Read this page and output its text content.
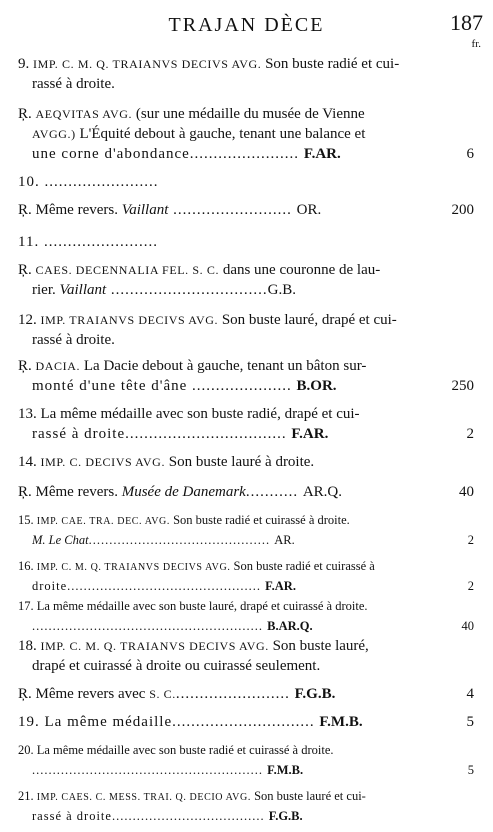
TRAJAN DÈCE	187
fr.
9. IMP. C. M. Q. TRAIANVS DECIVS AVG. Son buste radié et cui-
rassé à droite.
Ŗ. AEQVITAS AVG. (sur une médaille du musée de Vienne
AVGG.) L'Équité debout à gauche, tenant une balance et
une corne d'abondance....................... F.AR.	6
10. ........................
Ŗ. Même revers. Vaillant ......................... OR.	200
11. ........................
Ŗ. CAES. DECENNALIA FEL. S. C. dans une couronne de lau-
rier. Vaillant .................................G.B.
12. IMP. TRAIANVS DECIVS AVG. Son buste lauré, drapé et cui-
rassé à droite.
Ŗ. DACIA. La Dacie debout à gauche, tenant un bâton sur-
monté d'une tête d'âne ..................... B.OR.	250
13. La même médaille avec son buste radié, drapé et cui-
rassé à droite.................................. F.AR.	2
14. IMP. C. DECIVS AVG. Son buste lauré à droite.
Ŗ. Même revers. Musée de Danemark........... AR.Q.	40
15. IMP. CAE. TRA. DEC. AVG. Son buste radié et cuirassé à droite.
M. Le Chat............................................ AR.	2
16. IMP. C. M. Q. TRAIANVS DECIVS AVG. Son buste radié et cuirassé à
droite............................................... F.AR.	2
17. La même médaille avec son buste lauré, drapé et cuirassé à droite.
........................................................ B.AR.Q.	40
18. IMP. C. M. Q. TRAIANVS DECIVS AVG. Son buste lauré,
drapé et cuirassé à droite ou cuirassé seulement.
Ŗ. Même revers avec S. C......................... F.G.B.	4
19. La même médaille.............................. F.M.B.	5
20. La même médaille avec son buste radié et cuirassé à droite.
........................................................ F.M.B.	5
21. IMP. CAES. C. MESS. TRAI. Q. DECIO AVG. Son buste lauré et cui-
rassé à droite..................................... F.G.B.
